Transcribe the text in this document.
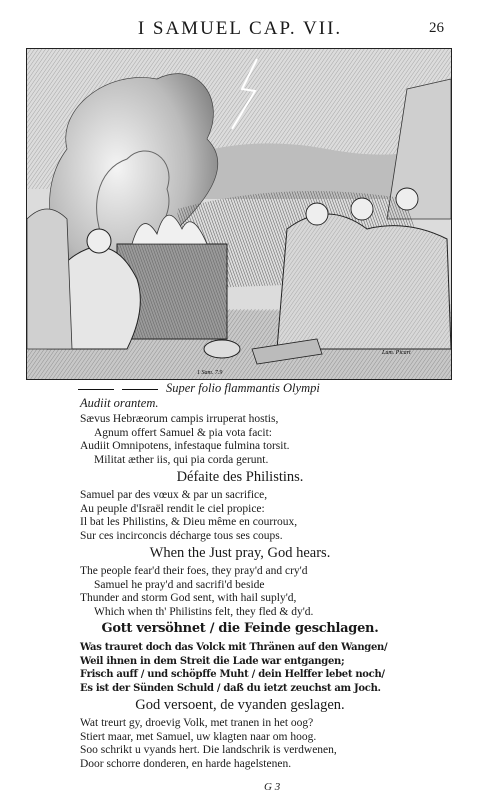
I SAMUEL CAP. VII.	26
1 Sam. 7.9
Lum. Picart
Super folio flammantis Olympi
Audiit orantem.
Sævus Hebræorum campis irruperat hostis,
Agnum offert Samuel & pia vota facit:
Audiit Omnipotens, infestaque fulmina torsit.
Militat æther iis, qui pia corda gerunt.
Défaite des Philistins.
Samuel par des vœux & par un sacrifice,
Au peuple d'Israël rendit le ciel propice:
Il bat les Philistins, & Dieu même en courroux,
Sur ces incirconcis décharge tous ses coups.
When the Just pray, God hears.
The people fear'd their foes, they pray'd and cry'd
Samuel he pray'd and sacrifi'd beside
Thunder and storm God sent, with hail suply'd,
Which when th' Philistins felt, they fled & dy'd.
Gott versöhnet / die Feinde geschlagen.
Was trauret doch das Volck mit Thränen auf den Wangen/
Weil ihnen in dem Streit die Lade war entgangen;
Frisch auff / und schöpffe Muht / dein Helffer lebet noch/
Es ist der Sünden Schuld / daß du ietzt zeuchst am Joch.
God versoent, de vyanden geslagen.
Wat treurt gy, droevig Volk, met tranen in het oog?
Stiert maar, met Samuel, uw klagten naar om hoog.
Soo schrikt u vyands hert. Die landschrik is verdwenen,
Door schorre donderen, en harde hagelstenen.
G 3
